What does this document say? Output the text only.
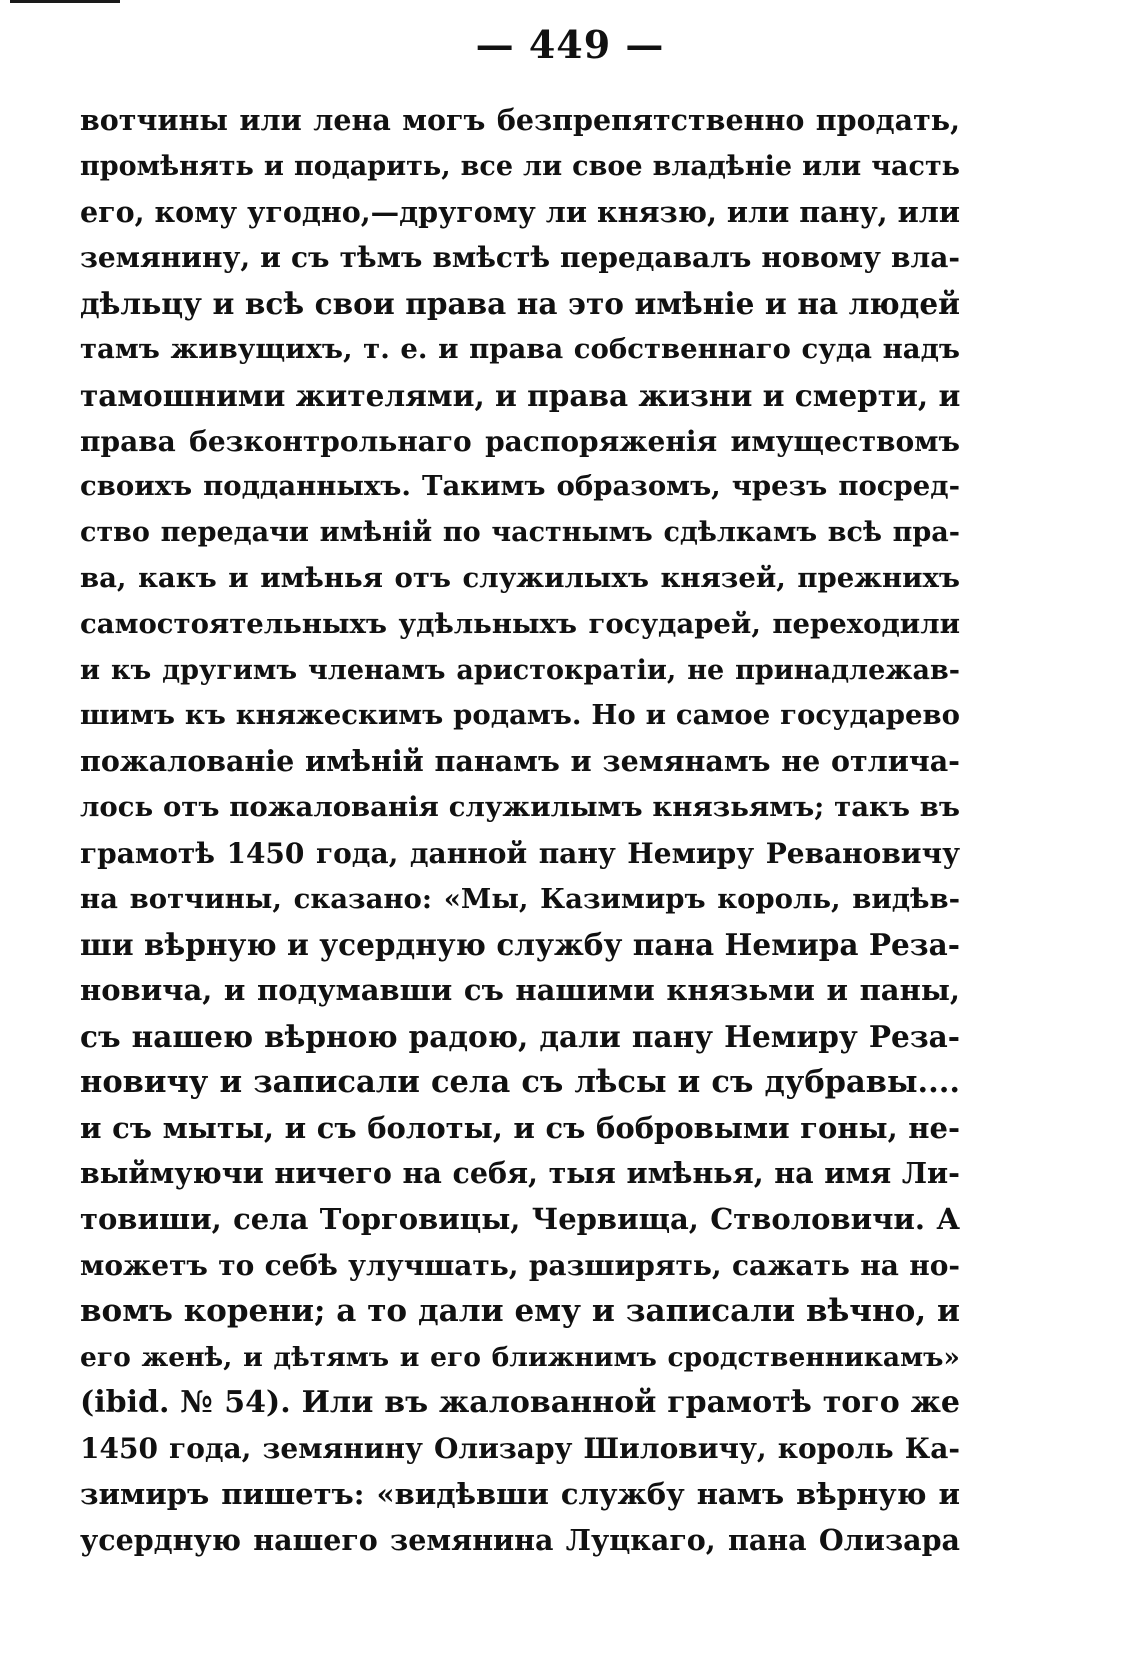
— 449 —
вотчины или лена могъ безпрепятственно продать,
промѣнять и подарить, все ли свое владѣніе или часть
его, кому угодно,—другому ли князю, или пану, или
земянину, и съ тѣмъ вмѣстѣ передавалъ новому вла-
дѣльцу и всѣ свои права на это имѣніе и на людей
тамъ живущихъ, т. е. и права собственнаго суда надъ
тамошними жителями, и права жизни и смерти, и
права безконтрольнаго распоряженія имуществомъ
своихъ подданныхъ. Такимъ образомъ, чрезъ посред-
ство передачи имѣній по частнымъ сдѣлкамъ всѣ пра-
ва, какъ и имѣнья отъ служилыхъ князей, прежнихъ
самостоятельныхъ удѣльныхъ государей, переходили
и къ другимъ членамъ аристократіи, не принадлежав-
шимъ къ княжескимъ родамъ. Но и самое государево
пожалованіе имѣній панамъ и земянамъ не отлича-
лось отъ пожалованія служилымъ князьямъ; такъ въ
грамотѣ 1450 года, данной пану Немиру Ревановичу
на вотчины, сказано: «Мы, Казимиръ король, видѣв-
ши вѣрную и усердную службу пана Немира Реза-
новича, и подумавши съ нашими князьми и паны,
съ нашею вѣрною радою, дали пану Немиру Реза-
новичу и записали села съ лѣсы и съ дубравы....
и съ мыты, и съ болоты, и съ бобровыми гоны, не-
выймуючи ничего на себя, тыя имѣнья, на имя Ли-
товиши, села Торговицы, Червища, Стволовичи. А
можетъ то себѣ улучшать, разширять, сажать на но-
вомъ корени; а то дали ему и записали вѣчно, и
его женѣ, и дѣтямъ и его ближнимъ сродственникамъ»
(ibid. № 54). Или въ жалованной грамотѣ того же
1450 года, земянину Олизару Шиловичу, король Ка-
зимиръ пишетъ: «видѣвши службу намъ вѣрную и
усердную нашего земянина Луцкаго, пана Олизара
